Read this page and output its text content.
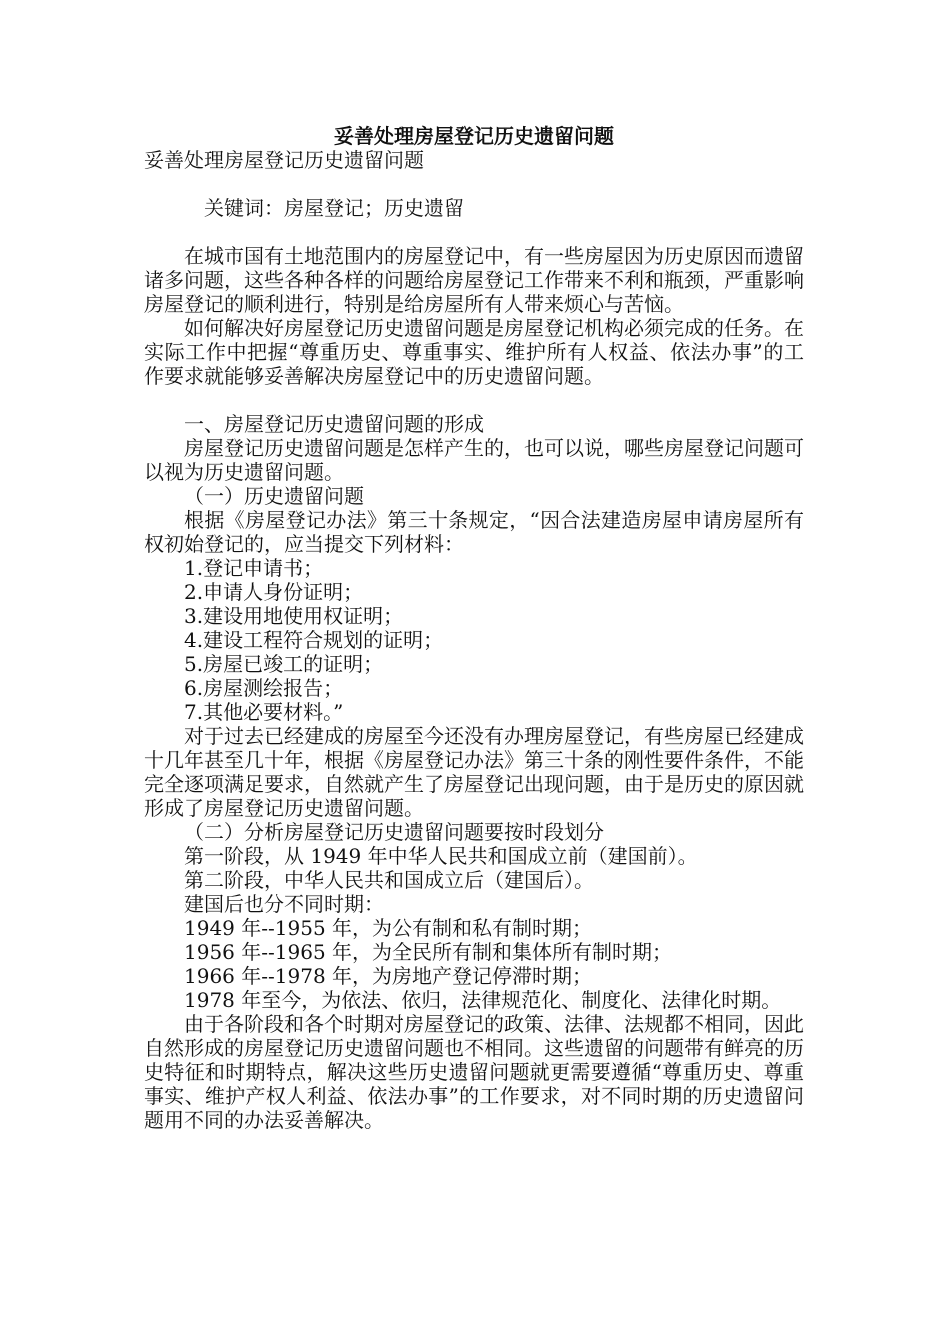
妥善处理房屋登记历史遗留问题

妥善处理房屋登记历史遗留问题

关键词：房屋登记；历史遗留

在城市国有土地范围内的房屋登记中，有一些房屋因为历史原因而遗留诸多问题，这些各种各样的问题给房屋登记工作带来不利和瓶颈，严重影响房屋登记的顺利进行，特别是给房屋所有人带来烦心与苦恼。

如何解决好房屋登记历史遗留问题是房屋登记机构必须完成的任务。在实际工作中把握“尊重历史、尊重事实、维护所有人权益、依法办事”的工作要求就能够妥善解决房屋登记中的历史遗留问题。

一、房屋登记历史遗留问题的形成

房屋登记历史遗留问题是怎样产生的，也可以说，哪些房屋登记问题可以视为历史遗留问题。

（一）历史遗留问题

根据《房屋登记办法》第三十条规定，“因合法建造房屋申请房屋所有权初始登记的，应当提交下列材料：

1.登记申请书；

2.申请人身份证明；

3.建设用地使用权证明；

4.建设工程符合规划的证明；

5.房屋已竣工的证明；

6.房屋测绘报告；

7.其他必要材料。”

对于过去已经建成的房屋至今还没有办理房屋登记，有些房屋已经建成十几年甚至几十年，根据《房屋登记办法》第三十条的刚性要件条件，不能完全逐项满足要求，自然就产生了房屋登记出现问题，由于是历史的原因就形成了房屋登记历史遗留问题。

（二）分析房屋登记历史遗留问题要按时段划分

第一阶段，从 1949 年中华人民共和国成立前（建国前）。

第二阶段，中华人民共和国成立后（建国后）。

建国后也分不同时期：

1949 年--1955 年，为公有制和私有制时期；

1956 年--1965 年，为全民所有制和集体所有制时期；

1966 年--1978 年，为房地产登记停滞时期；

1978 年至今，为依法、依归，法律规范化、制度化、法律化时期。

由于各阶段和各个时期对房屋登记的政策、法律、法规都不相同，因此自然形成的房屋登记历史遗留问题也不相同。这些遗留的问题带有鲜亮的历史特征和时期特点，解决这些历史遗留问题就更需要遵循“尊重历史、尊重事实、维护产权人利益、依法办事”的工作要求，对不同时期的历史遗留问题用不同的办法妥善解决。
